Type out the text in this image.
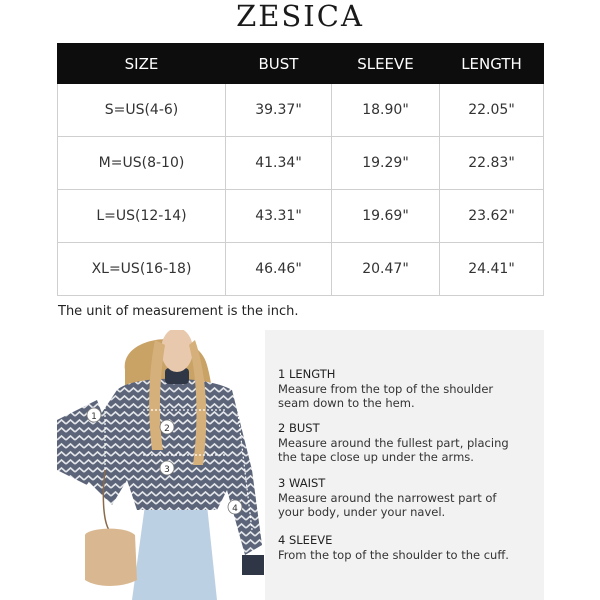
ZESICA
SIZE	BUST	SLEEVE	LENGTH
S=US(4-6)	39.37"	18.90"	22.05"
M=US(8-10)	41.34"	19.29"	22.83"
L=US(12-14)	43.31"	19.69"	23.62"
XL=US(16-18)	46.46"	20.47"	24.41"
The unit of measurement is the inch.
1
2
3
4
1 LENGTH
Measure from the top of the shoulder
seam down to the hem.
2 BUST
Measure around the fullest part, placing
the tape close up under the arms.
3 WAIST
Measure around the narrowest part of
your body, under your navel.
4 SLEEVE
From the top of the shoulder to the cuff.
